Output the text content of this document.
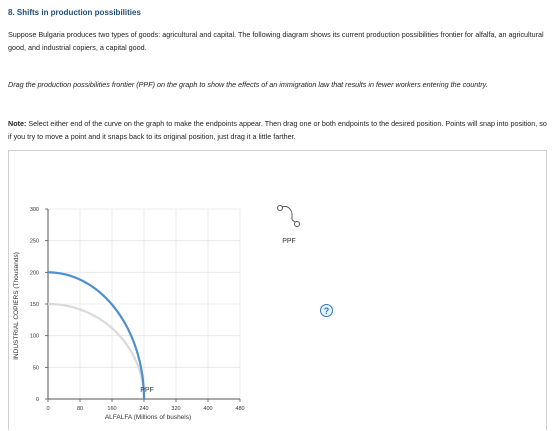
8. Shifts in production possibilities
Suppose Bulgaria produces two types of goods: agricultural and capital. The following diagram shows its current production possibilities frontier for alfalfa, an agricultural good, and industrial copiers, a capital good.
Drag the production possibilities frontier (PPF) on the graph to show the effects of an immigration law that results in fewer workers entering the country.
Note: Select either end of the curve on the graph to make the endpoints appear. Then drag one or both endpoints to the desired position. Points will snap into position, so if you try to move a point and it snaps back to its original position, just drag it a little farther.
?
0	80	160	240	320	400	480
0
50
100
150
200
250
300
PPF
PPF
ALFALFA (Millions of bushels)
INDUSTRIAL COPIERS (Thousands)
